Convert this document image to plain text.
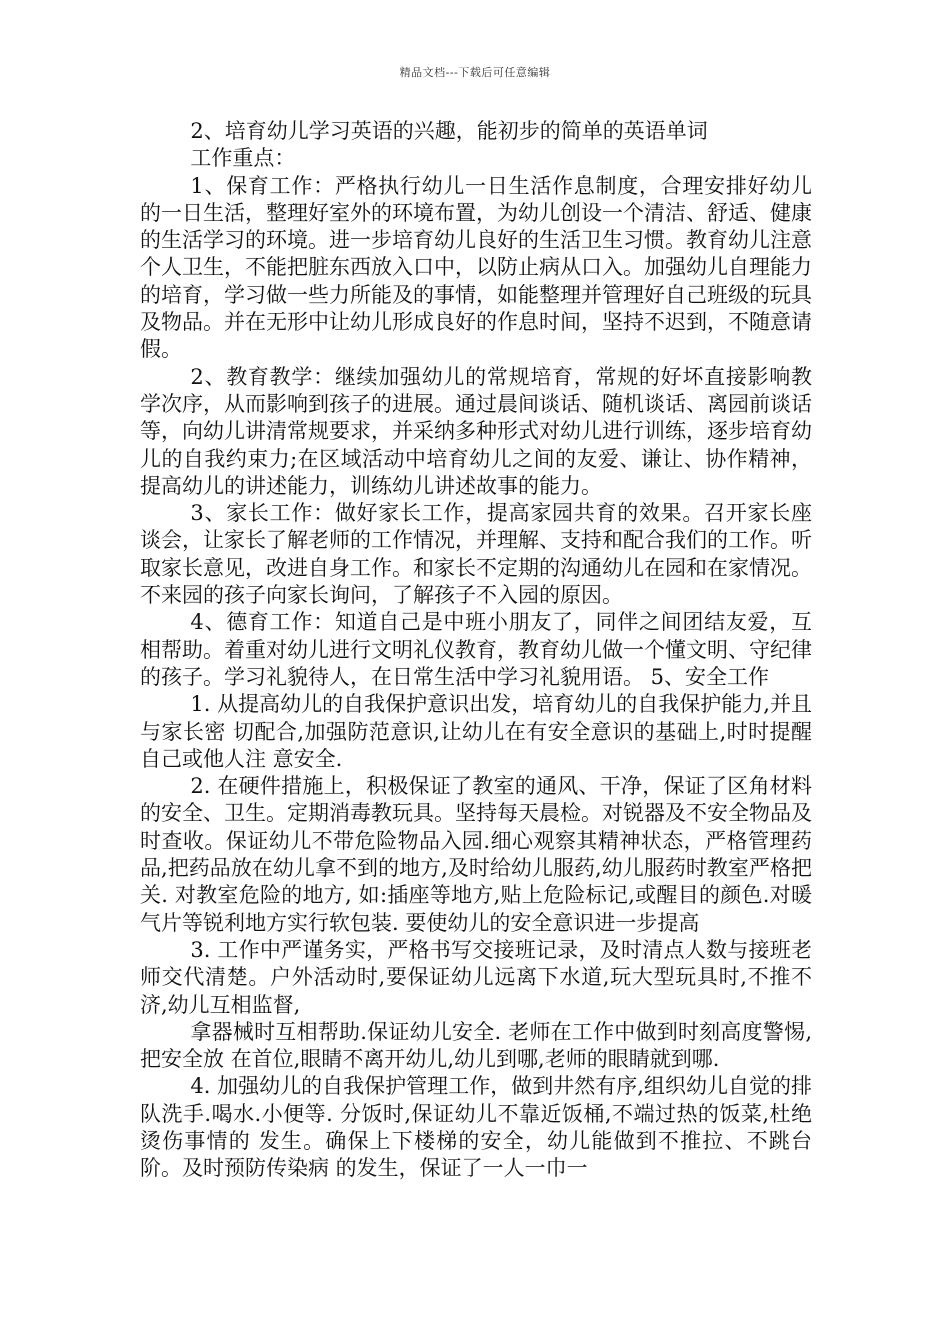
精品文档---下载后可任意编辑

2、培育幼儿学习英语的兴趣，能初步的简单的英语单词

工作重点：

1、保育工作：严格执行幼儿一日生活作息制度，合理安排好幼儿的一日生活，整理好室外的环境布置，为幼儿创设一个清洁、舒适、健康的生活学习的环境。进一步培育幼儿良好的生活卫生习惯。教育幼儿注意个人卫生，不能把脏东西放入口中，以防止病从口入。加强幼儿自理能力的培育，学习做一些力所能及的事情，如能整理并管理好自己班级的玩具及物品。并在无形中让幼儿形成良好的作息时间，坚持不迟到，不随意请假。

2、教育教学：继续加强幼儿的常规培育，常规的好坏直接影响教学次序，从而影响到孩子的进展。通过晨间谈话、随机谈话、离园前谈话等，向幼儿讲清常规要求，并采纳多种形式对幼儿进行训练，逐步培育幼儿的自我约束力;在区域活动中培育幼儿之间的友爱、谦让、协作精神，提高幼儿的讲述能力，训练幼儿讲述故事的能力。

3、家长工作：做好家长工作，提高家园共育的效果。召开家长座谈会，让家长了解老师的工作情况，并理解、支持和配合我们的工作。听取家长意见，改进自身工作。和家长不定期的沟通幼儿在园和在家情况。不来园的孩子向家长询问，了解孩子不入园的原因。

4、德育工作：知道自己是中班小朋友了，同伴之间团结友爱，互相帮助。着重对幼儿进行文明礼仪教育，教育幼儿做一个懂文明、守纪律的孩子。学习礼貌待人，在日常生活中学习礼貌用语。 5、安全工作

1. 从提高幼儿的自我保护意识出发，培育幼儿的自我保护能力,并且与家长密 切配合,加强防范意识,让幼儿在有安全意识的基础上,时时提醒自己或他人注 意安全.

2. 在硬件措施上，积极保证了教室的通风、干净，保证了区角材料的安全、卫生。定期消毒教玩具。坚持每天晨检。对锐器及不安全物品及时查收。保证幼儿不带危险物品入园.细心观察其精神状态，严格管理药品,把药品放在幼儿拿不到的地方,及时给幼儿服药,幼儿服药时教室严格把关. 对教室危险的地方, 如:插座等地方,贴上危险标记,或醒目的颜色.对暖气片等锐利地方实行软包装. 要使幼儿的安全意识进一步提高

3. 工作中严谨务实，严格书写交接班记录，及时清点人数与接班老师交代清楚。户外活动时,要保证幼儿远离下水道,玩大型玩具时,不推不济,幼儿互相监督,

拿器械时互相帮助.保证幼儿安全. 老师在工作中做到时刻高度警惕,把安全放 在首位,眼睛不离开幼儿,幼儿到哪,老师的眼睛就到哪.

4. 加强幼儿的自我保护管理工作，做到井然有序,组织幼儿自觉的排队洗手.喝水.小便等. 分饭时,保证幼儿不靠近饭桶,不端过热的饭菜,杜绝烫伤事情的 发生。确保上下楼梯的安全，幼儿能做到不推拉、不跳台阶。及时预防传染病 的发生，保证了一人一巾一
